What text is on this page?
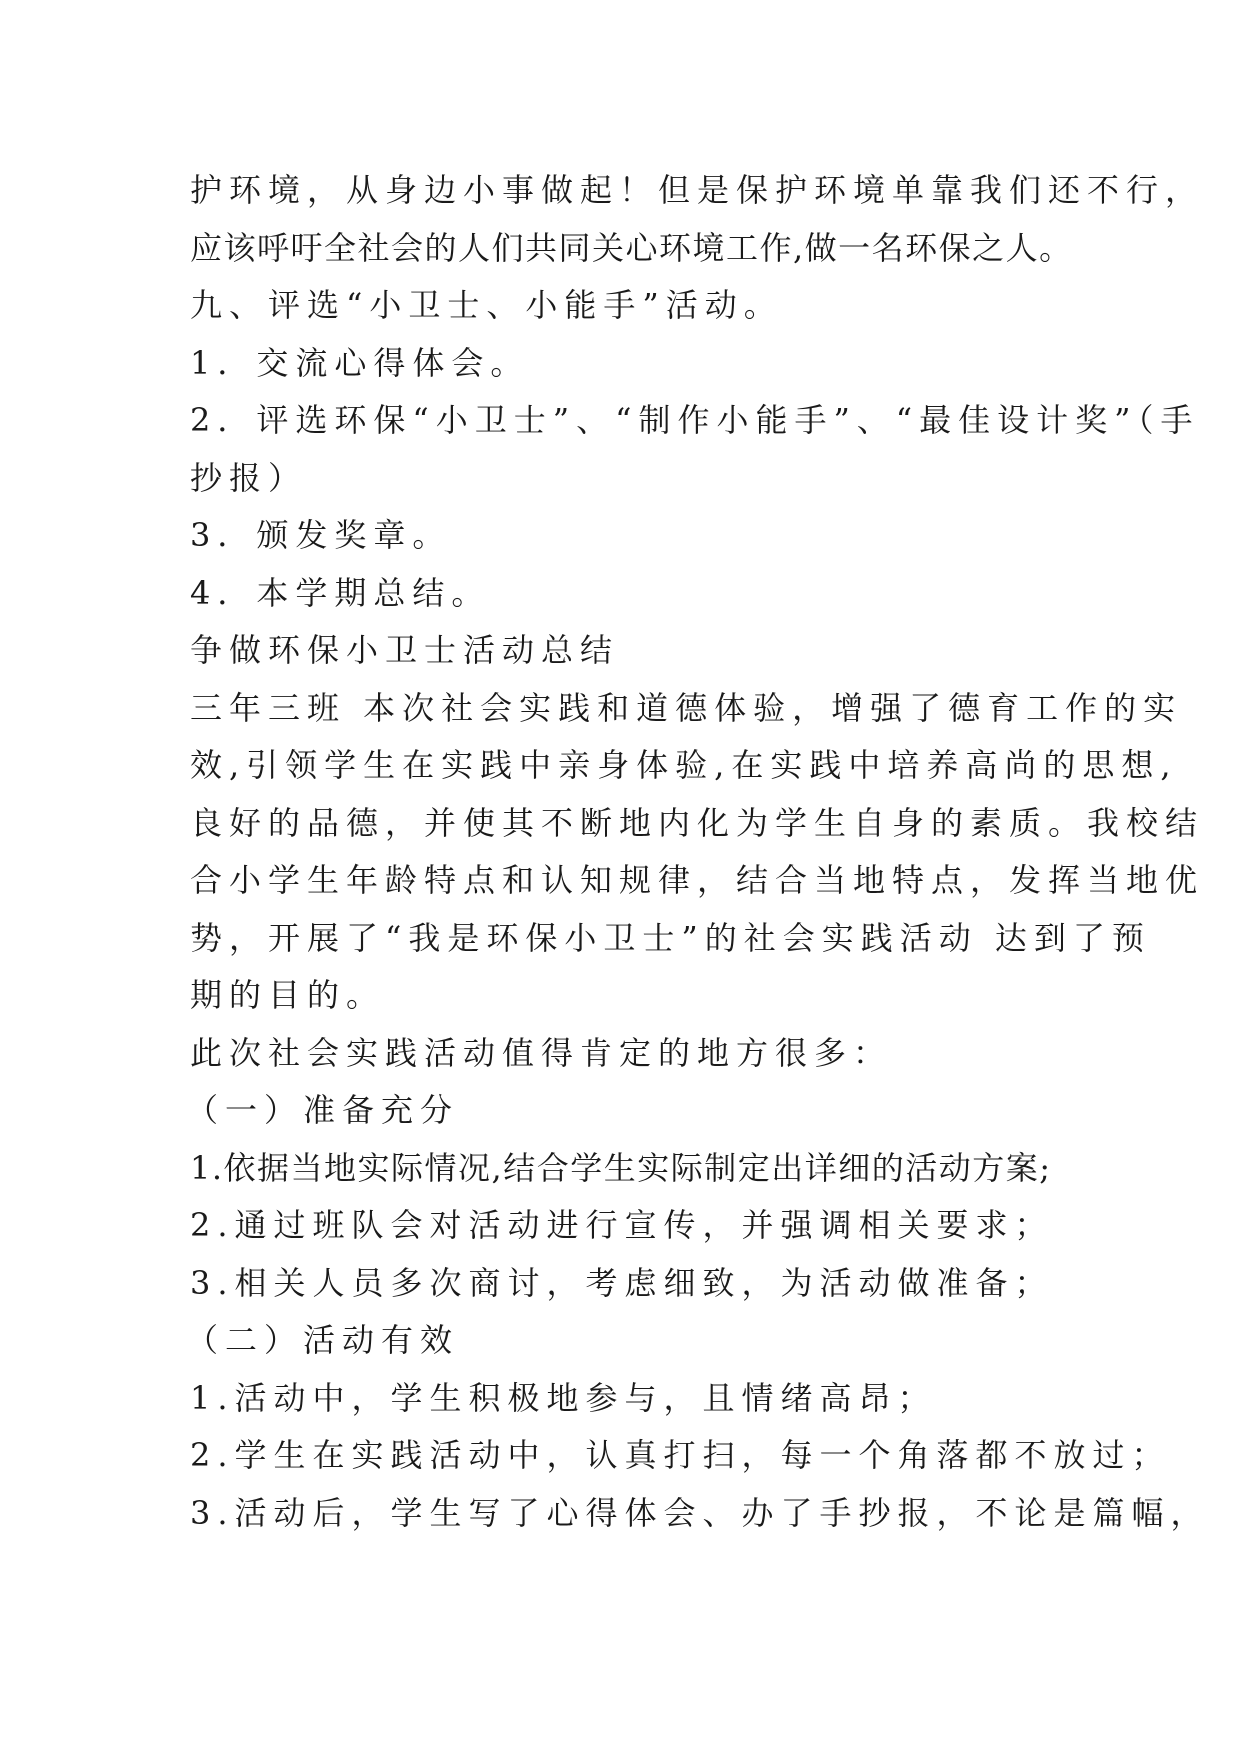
护环境，从身边小事做起！但是保护环境单靠我们还不行，
应该呼吁全社会的人们共同关心环境工作,做一名环保之人。
九、评选“小卫士、小能手”活动。
1．交流心得体会。
2．评选环保“小卫士”、“制作小能手”、“最佳设计奖”（手
抄报）
3．颁发奖章。
4．本学期总结。
争做环保小卫士活动总结
三年三班 本次社会实践和道德体验，增强了德育工作的实
效,引领学生在实践中亲身体验,在实践中培养高尚的思想,
良好的品德，并使其不断地内化为学生自身的素质。我校结
合小学生年龄特点和认知规律，结合当地特点，发挥当地优
势，开展了“我是环保小卫士”的社会实践活动 达到了预
期的目的。
此次社会实践活动值得肯定的地方很多：
（一）准备充分
1.依据当地实际情况,结合学生实际制定出详细的活动方案;
2.通过班队会对活动进行宣传，并强调相关要求；
3.相关人员多次商讨，考虑细致，为活动做准备；
（二）活动有效
1.活动中，学生积极地参与，且情绪高昂；
2.学生在实践活动中，认真打扫，每一个角落都不放过；
3.活动后，学生写了心得体会、办了手抄报，不论是篇幅，
